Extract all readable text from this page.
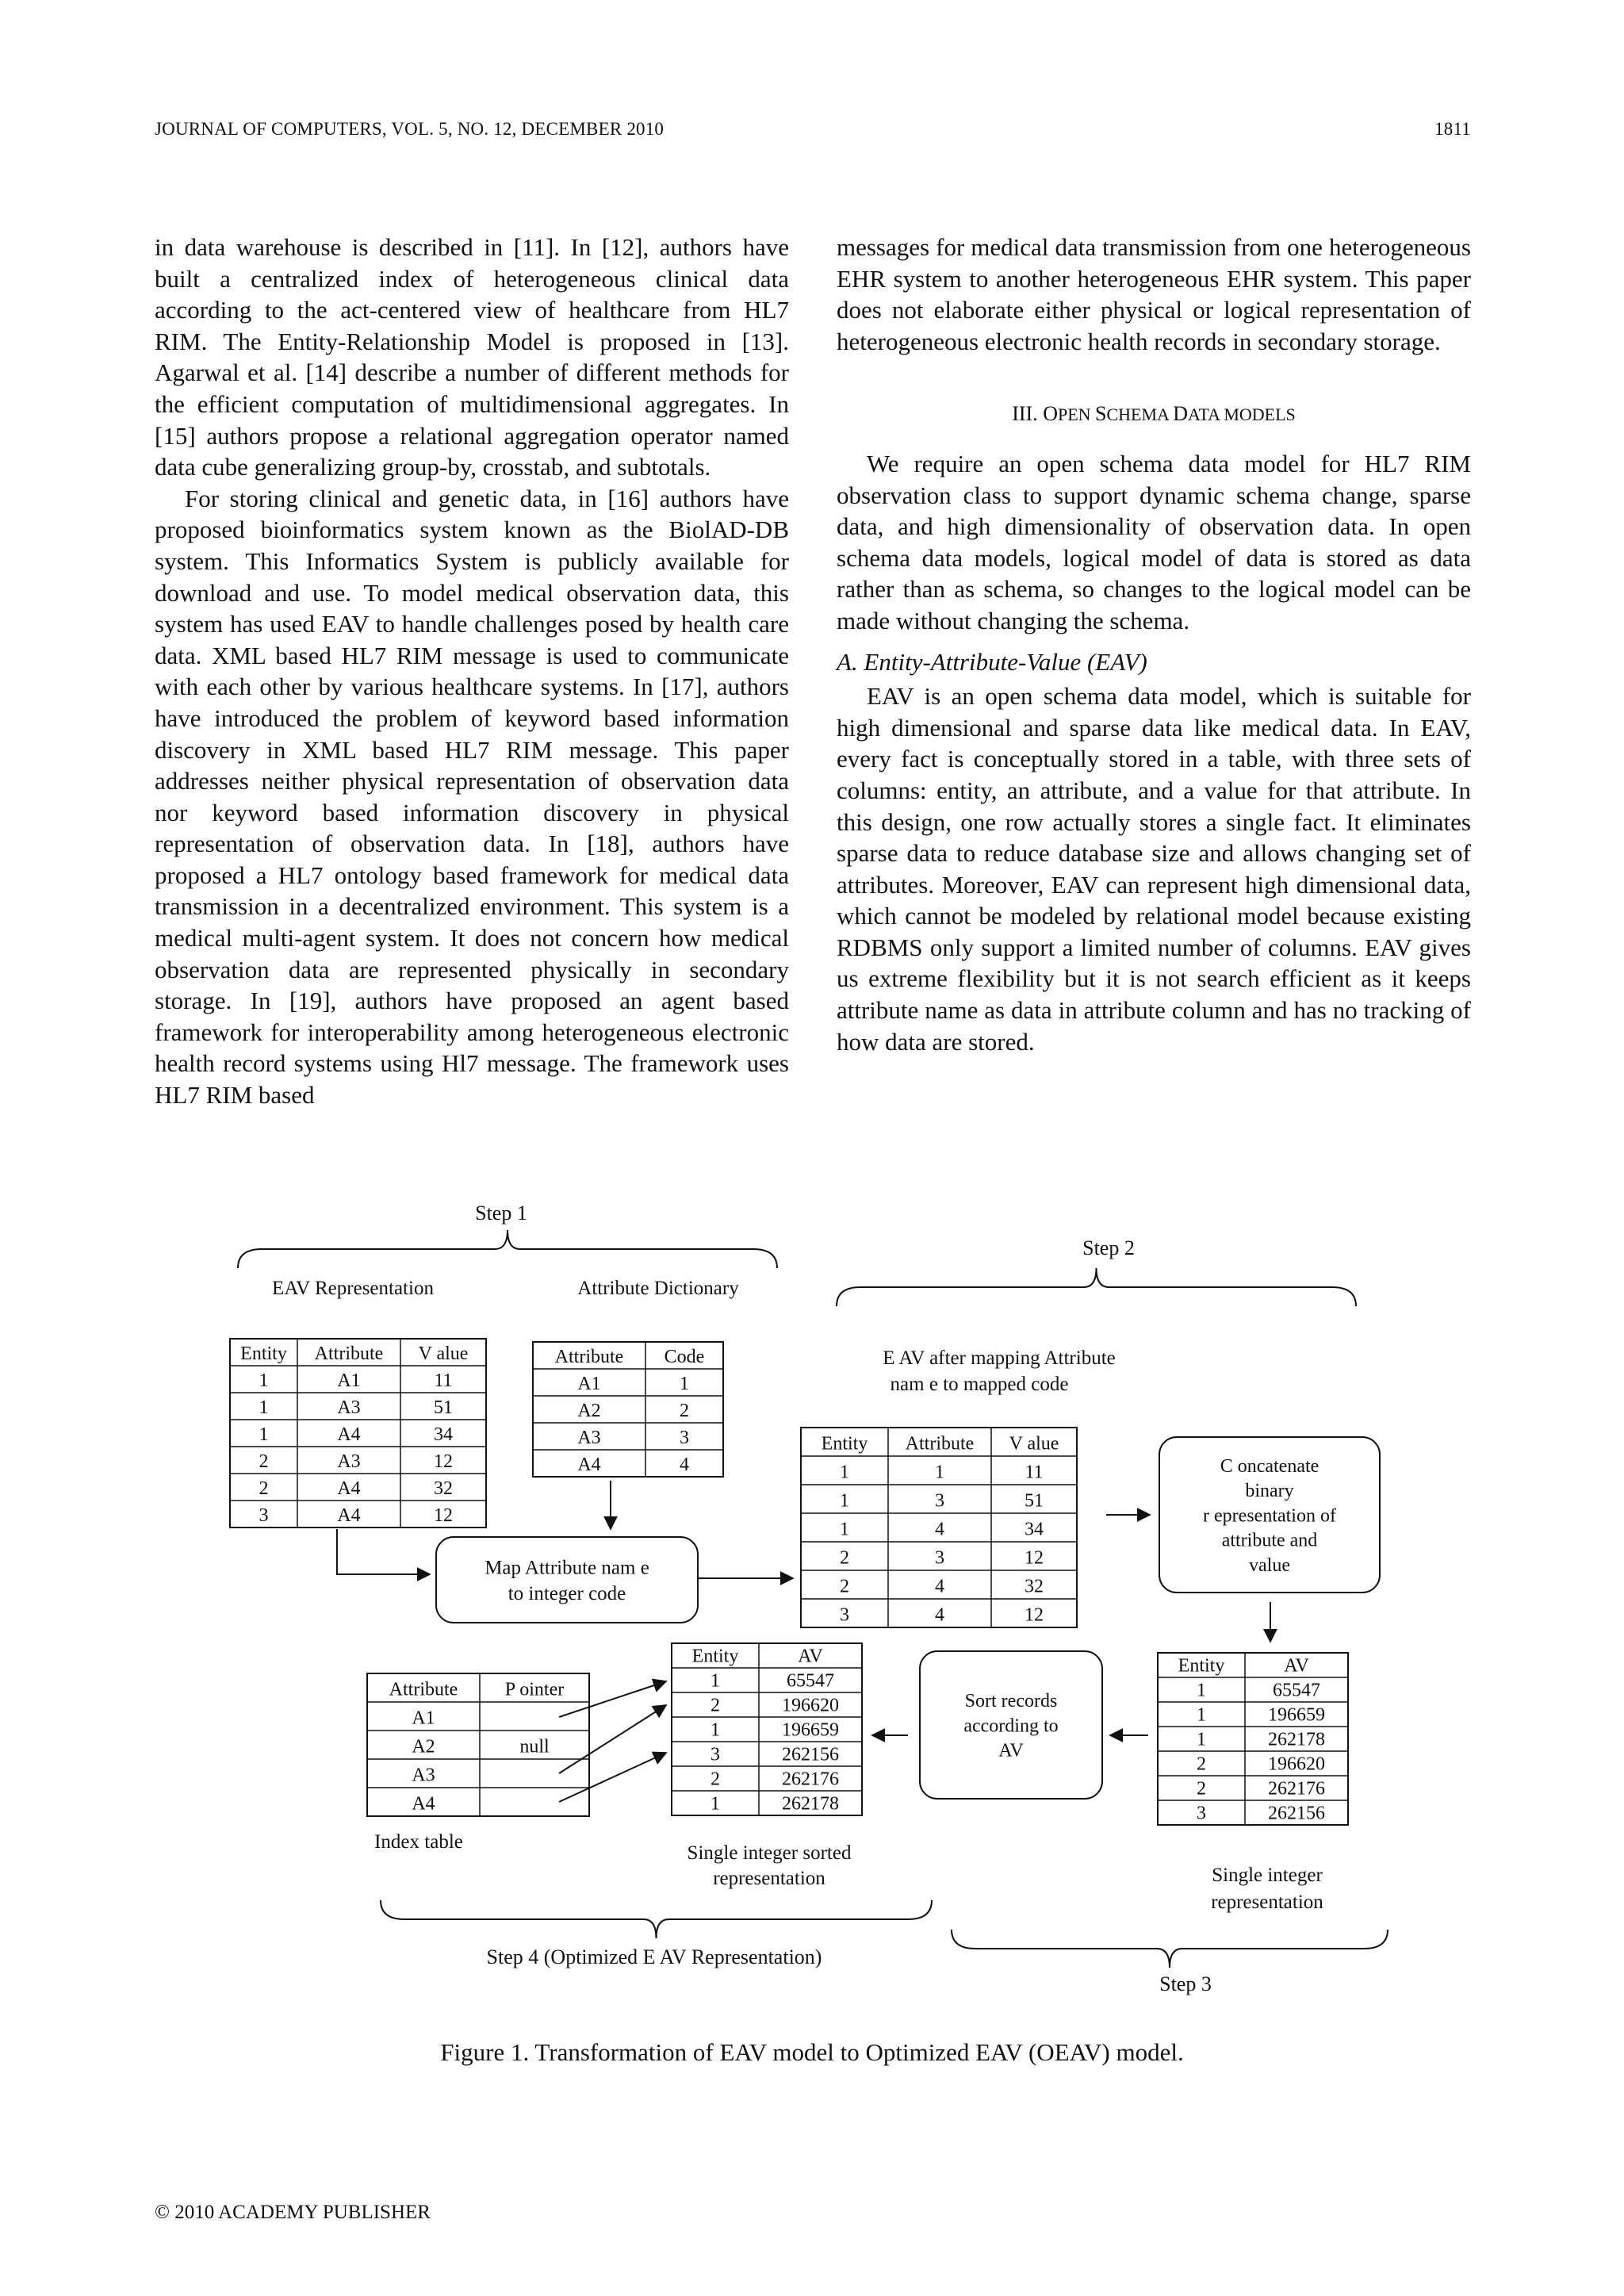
JOURNAL OF COMPUTERS, VOL. 5, NO. 12, DECEMBER 2010	1811

in data warehouse is described in [11]. In [12], authors have built a centralized index of heterogeneous clinical data according to the act-centered view of healthcare from HL7 RIM. The Entity-Relationship Model is proposed in [13]. Agarwal et al. [14] describe a number of different methods for the efficient computation of multidimensional aggregates. In [15] authors propose a relational aggregation operator named data cube generalizing group-by, crosstab, and subtotals.

For storing clinical and genetic data, in [16] authors have proposed bioinformatics system known as the BiolAD-DB system. This Informatics System is publicly available for download and use. To model medical observation data, this system has used EAV to handle challenges posed by health care data. XML based HL7 RIM message is used to communicate with each other by various healthcare systems. In [17], authors have introduced the problem of keyword based information discovery in XML based HL7 RIM message. This paper addresses neither physical representation of observation data nor keyword based information discovery in physical representation of observation data. In [18], authors have proposed a HL7 ontology based framework for medical data transmission in a decentralized environment. This system is a medical multi-agent system. It does not concern how medical observation data are represented physically in secondary storage. In [19], authors have proposed an agent based framework for interoperability among heterogeneous electronic health record systems using Hl7 message. The framework uses HL7 RIM based

messages for medical data transmission from one heterogeneous EHR system to another heterogeneous EHR system. This paper does not elaborate either physical or logical representation of heterogeneous electronic health records in secondary storage.

III. OPEN SCHEMA DATA MODELS

We require an open schema data model for HL7 RIM observation class to support dynamic schema change, sparse data, and high dimensionality of observation data. In open schema data models, logical model of data is stored as data rather than as schema, so changes to the logical model can be made without changing the schema.

A. Entity-Attribute-Value (EAV)

EAV is an open schema data model, which is suitable for high dimensional and sparse data like medical data. In EAV, every fact is conceptually stored in a table, with three sets of columns: entity, an attribute, and a value for that attribute. In this design, one row actually stores a single fact. It eliminates sparse data to reduce database size and allows changing set of attributes. Moreover, EAV can represent high dimensional data, which cannot be modeled by relational model because existing RDBMS only support a limited number of columns. EAV gives us extreme flexibility but it is not search efficient as it keeps attribute name as data in attribute column and has no tracking of how data are stored.

Step 1
EAV Representation	Attribute Dictionary
Entity Attribute V alue
1	A1	11
1	A3	51
1	A4	34
2	A3	12
2	A4	32
3	A4	12
Attribute Code
A1	1
A2	2
A3	3
A4	4
Map Attribute nam e
to integer code
Step 2
E AV after mapping Attribute
nam e to mapped code
Entity Attribute V alue
1	1	11
1	3	51
1	4	34
2	3	12
2	4	32
3	4	12
C oncatenate
binary
r epresentation of
attribute and
value
Entity	AV
1	65547
1	196659
1	262178
2	196620
2	262176
3	262156
Single integer
representation
Step 3
Sort records
according to
AV
Entity	AV
1	65547
2	196620
1	196659
3	262156
2	262176
1	262178
Single integer sorted
representation
Attribute P ointer
A1
A2	null
A3
A4
Index table
Step 4 (Optimized E AV Representation)
Figure 1. Transformation of EAV model to Optimized EAV (OEAV) model.
© 2010 ACADEMY PUBLISHER
